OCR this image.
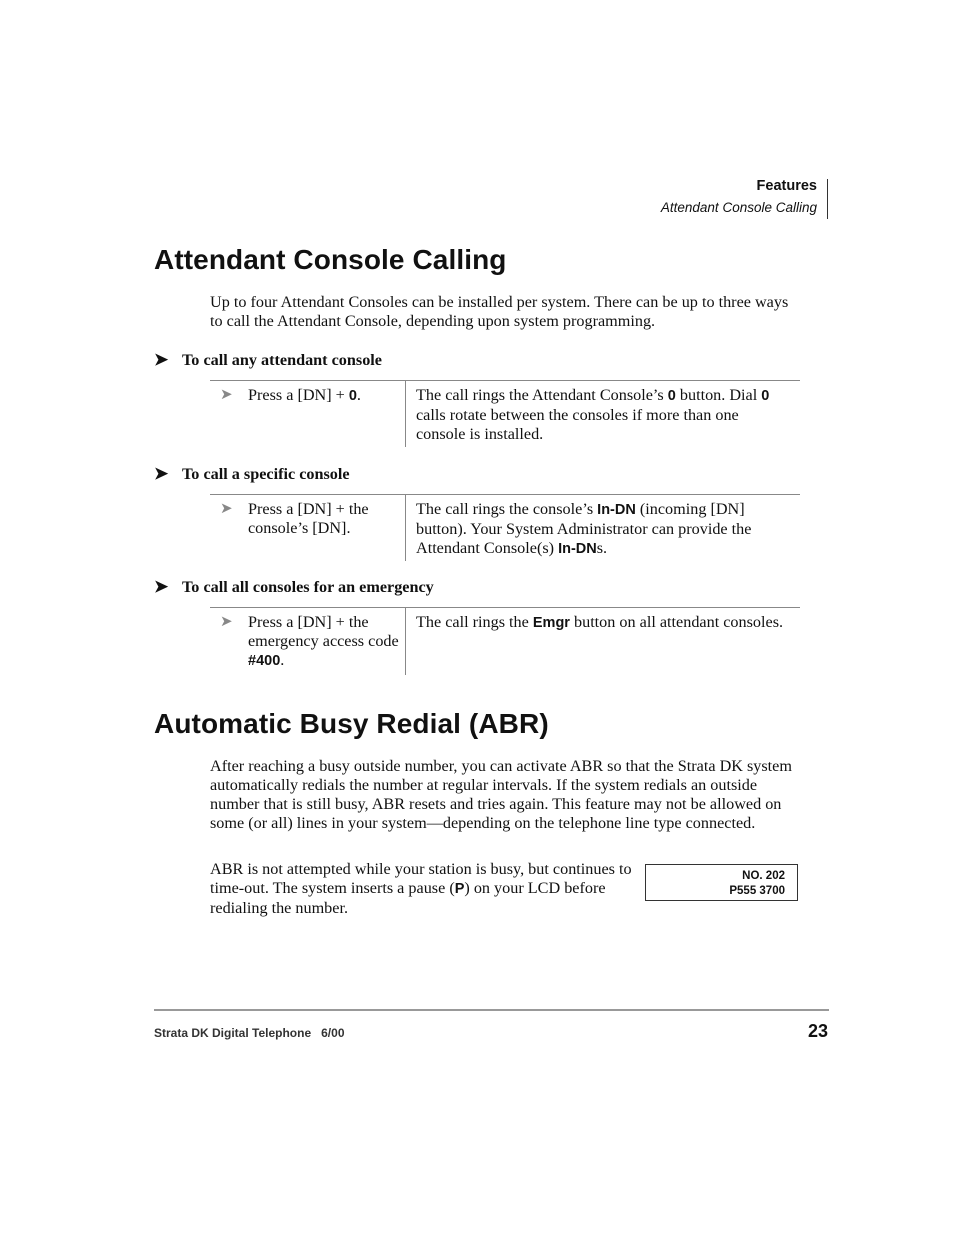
Features
Attendant Console Calling
Attendant Console Calling

Up to four Attendant Consoles can be installed per system. There can be up to three ways to call the Attendant Console, depending upon system programming.

➤ To call any attendant console
➤ Press a [DN] + 0.	The call rings the Attendant Console’s 0 button. Dial 0 calls rotate between the consoles if more than one console is installed.
➤ To call a specific console
➤ Press a [DN] + the console’s [DN].
The call rings the console’s In-DN (incoming [DN] button). Your System Administrator can provide the Attendant Console(s) In-DNs.
➤ To call all consoles for an emergency
➤ Press a [DN] + the emergency access code #400.
The call rings the Emgr button on all attendant consoles.
Automatic Busy Redial (ABR)

After reaching a busy outside number, you can activate ABR so that the Strata DK system automatically redials the number at regular intervals. If the system redials an outside number that is still busy, ABR resets and tries again. This feature may not be allowed on some (or all) lines in your system—depending on the telephone line type connected.

ABR is not attempted while your station is busy, but continues to time-out. The system inserts a pause (P) on your LCD before redialing the number.

NO. 202
P555 3700
Strata DK Digital Telephone   6/00	23
